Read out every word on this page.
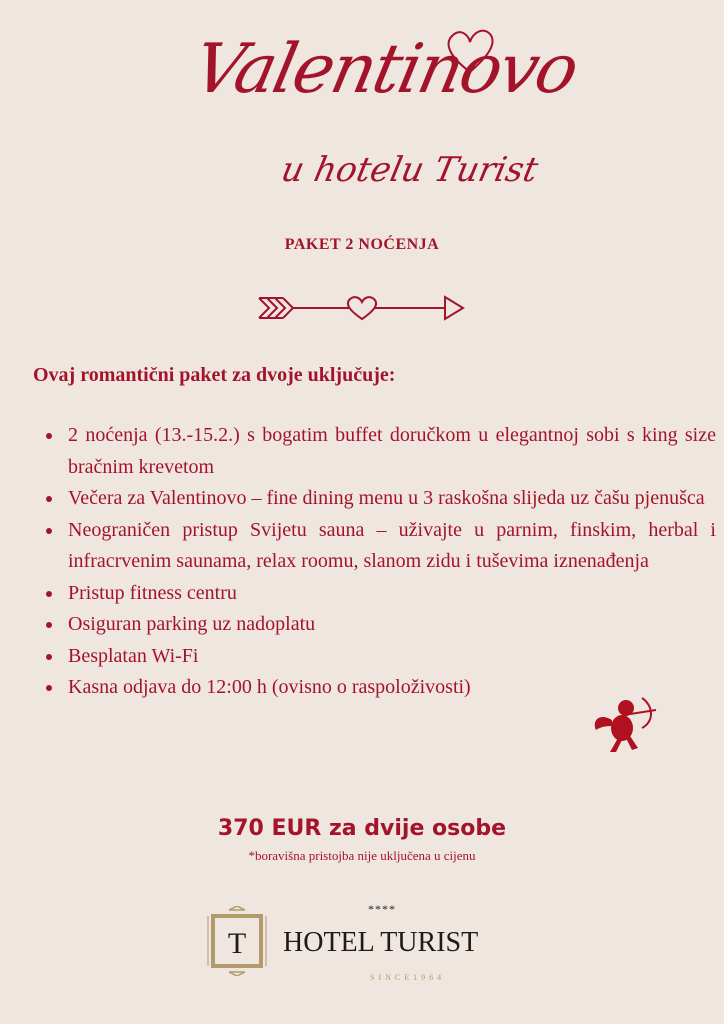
Valentinovo
u hotelu Turist
PAKET 2 NOĆENJA
Ovaj romantični paket za dvoje uključuje:
2 noćenja (13.-15.2.) s bogatim buffet doručkom u elegantnoj sobi s king size bračnim krevetom
Večera za Valentinovo – fine dining menu u 3 raskošna slijeda uz čašu pjenušca
Neograničen pristup Svijetu sauna – uživajte u parnim, finskim, herbal i infracrvenim saunama, relax roomu, slanom zidu i tuševima iznenađenja
Pristup fitness centru
Osiguran parking uz nadoplatu
Besplatan Wi-Fi
Kasna odjava do 12:00 h (ovisno o raspoloživosti)
370 EUR za dvije osobe
*boravišna pristojba nije uključena u cijenu
T
****
HOTEL TURIST
SINCE1964
